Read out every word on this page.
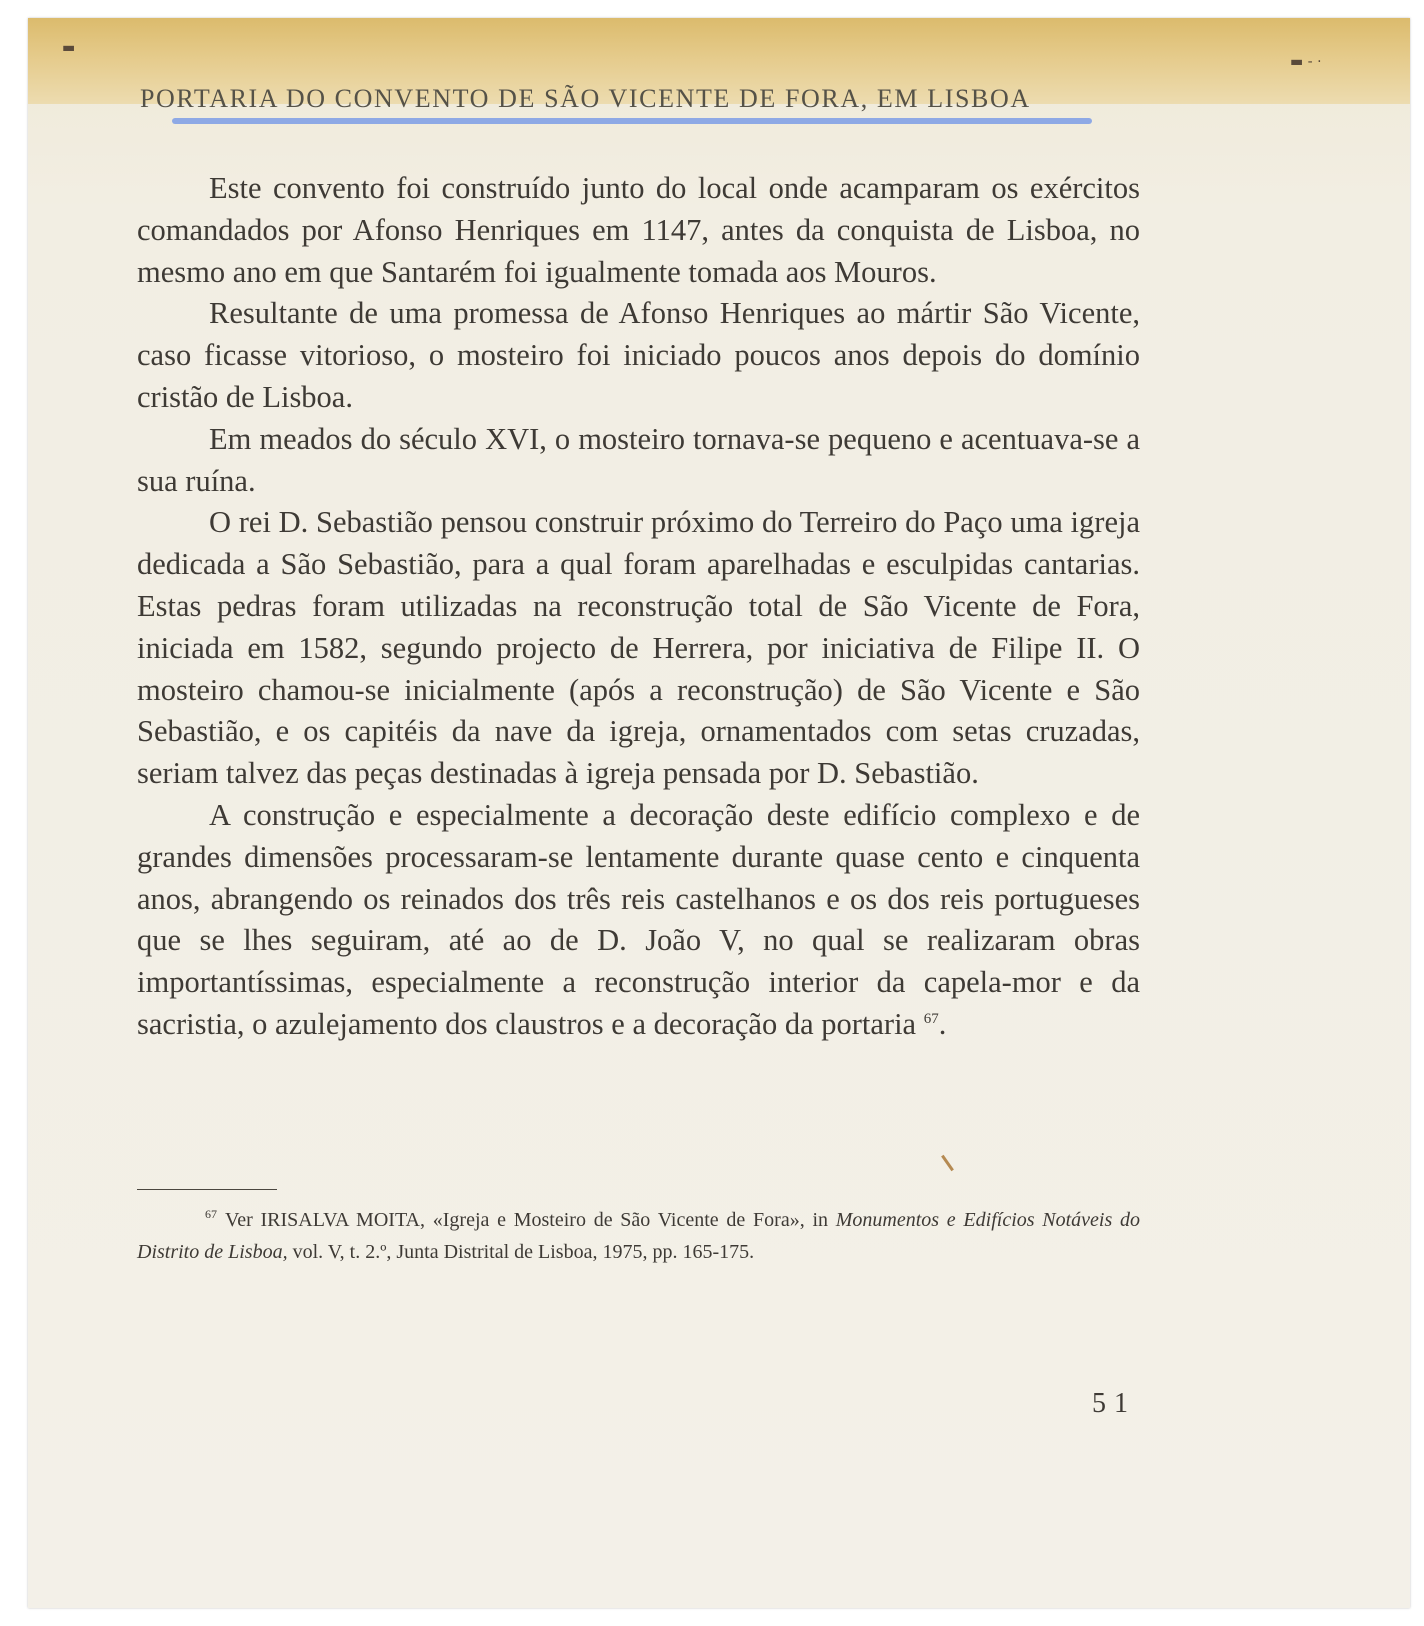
▬
▬ ‐ ·
PORTARIA DO CONVENTO DE SÃO VICENTE DE FORA, EM LISBOA

Este convento foi construído junto do local onde acamparam os exércitos comandados por Afonso Henriques em 1147, antes da conquista de Lisboa, no mesmo ano em que Santarém foi igualmente tomada aos Mouros.

Resultante de uma promessa de Afonso Henriques ao mártir São Vicente, caso ficasse vitorioso, o mosteiro foi iniciado poucos anos depois do domínio cristão de Lisboa.

Em meados do século XVI, o mosteiro tornava-se pequeno e acentuava-se a sua ruína.

O rei D. Sebastião pensou construir próximo do Terreiro do Paço uma igreja dedicada a São Sebastião, para a qual foram aparelhadas e esculpidas cantarias. Estas pedras foram utilizadas na reconstrução total de São Vicente de Fora, iniciada em 1582, segundo projecto de Herrera, por iniciativa de Filipe II. O mosteiro chamou-se inicialmente (após a reconstrução) de São Vicente e São Sebastião, e os capitéis da nave da igreja, ornamentados com setas cruzadas, seriam talvez das peças destinadas à igreja pensada por D. Sebastião.

A construção e especialmente a decoração deste edifício complexo e de grandes dimensões processaram-se lentamente durante quase cento e cinquenta anos, abrangendo os reinados dos três reis castelhanos e os dos reis portugueses que se lhes seguiram, até ao de D. João V, no qual se realizaram obras importantíssimas, especialmente a reconstrução interior da capela-mor e da sacristia, o azulejamento dos claustros e a decoração da portaria $^{67}$.

$^{67}$ Ver IRISALVA MOITA, «Igreja e Mosteiro de São Vicente de Fora», in Monumentos e Edifícios Notáveis do Distrito de Lisboa, vol. V, t. 2.º, Junta Distrital de Lisboa, 1975, pp. 165-175.
51
